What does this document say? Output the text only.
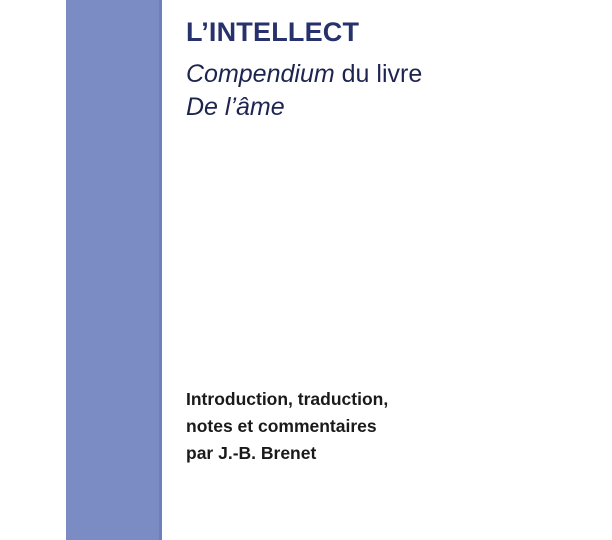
L’INTELLECT

Compendium du livre

De l’âme

Introduction, traduction,

notes et commentaires

par J.-B. Brenet
